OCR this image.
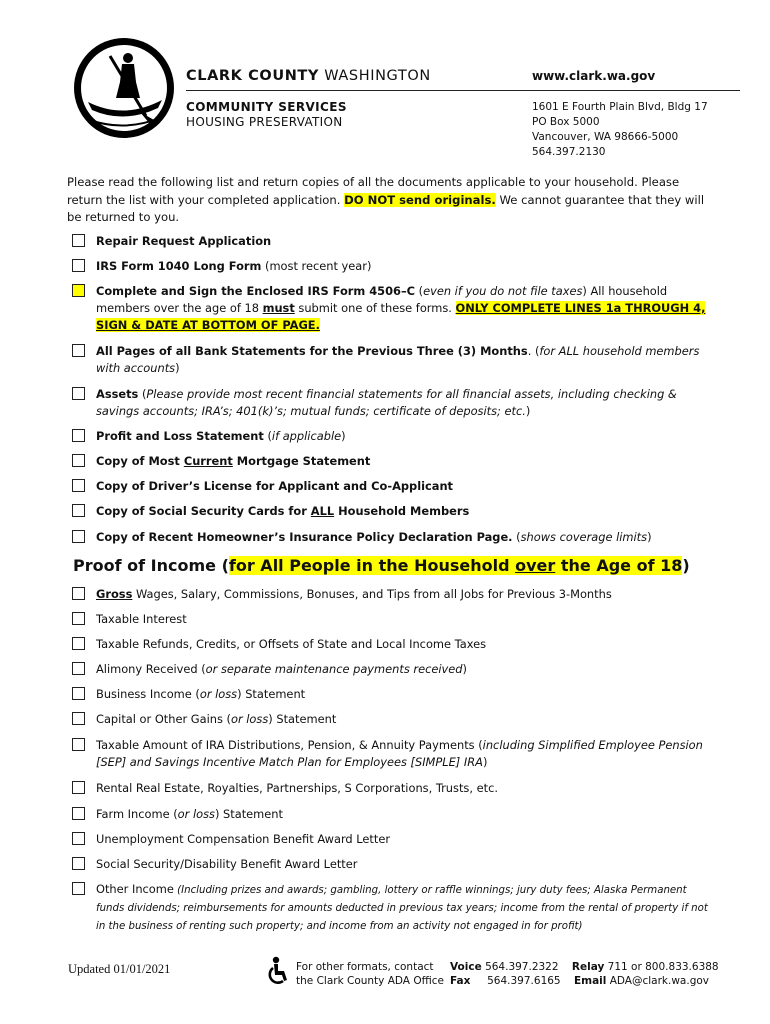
CLARK COUNTY WASHINGTON
COMMUNITY SERVICES
HOUSING PRESERVATION
www.clark.wa.gov
1601 E Fourth Plain Blvd, Bldg 17
PO Box 5000
Vancouver, WA 98666-5000
564.397.2130
Please read the following list and return copies of all the documents applicable to your household. Please return the list with your completed application. DO NOT send originals. We cannot guarantee that they will be returned to you.
Repair Request Application
IRS Form 1040 Long Form (most recent year)
Complete and Sign the Enclosed IRS Form 4506–C (even if you do not file taxes) All household members over the age of 18 must submit one of these forms. ONLY COMPLETE LINES 1a THROUGH 4, SIGN & DATE AT BOTTOM OF PAGE.
All Pages of all Bank Statements for the Previous Three (3) Months. (for ALL household members with accounts)
Assets (Please provide most recent financial statements for all financial assets, including checking & savings accounts; IRA’s; 401(k)’s; mutual funds; certificate of deposits; etc.)
Profit and Loss Statement (if applicable)
Copy of Most Current Mortgage Statement
Copy of Driver’s License for Applicant and Co-Applicant
Copy of Social Security Cards for ALL Household Members
Copy of Recent Homeowner’s Insurance Policy Declaration Page. (shows coverage limits)
Proof of Income (for All People in the Household over the Age of 18)
Gross Wages, Salary, Commissions, Bonuses, and Tips from all Jobs for Previous 3-Months
Taxable Interest
Taxable Refunds, Credits, or Offsets of State and Local Income Taxes
Alimony Received (or separate maintenance payments received)
Business Income (or loss) Statement
Capital or Other Gains (or loss) Statement
Taxable Amount of IRA Distributions, Pension, & Annuity Payments (including Simplified Employee Pension [SEP] and Savings Incentive Match Plan for Employees [SIMPLE] IRA)
Rental Real Estate, Royalties, Partnerships, S Corporations, Trusts, etc.
Farm Income (or loss) Statement
Unemployment Compensation Benefit Award Letter
Social Security/Disability Benefit Award Letter
Other Income (Including prizes and awards; gambling, lottery or raffle winnings; jury duty fees; Alaska Permanent funds dividends; reimbursements for amounts deducted in previous tax years; income from the rental of property if not in the business of renting such property; and income from an activity not engaged in for profit)
Updated 01/01/2021	For other formats, contact
the Clark County ADA Office
Voice 564.397.2322 Relay 711 or 800.833.6388
Fax 564.397.6165 Email ADA@clark.wa.gov
